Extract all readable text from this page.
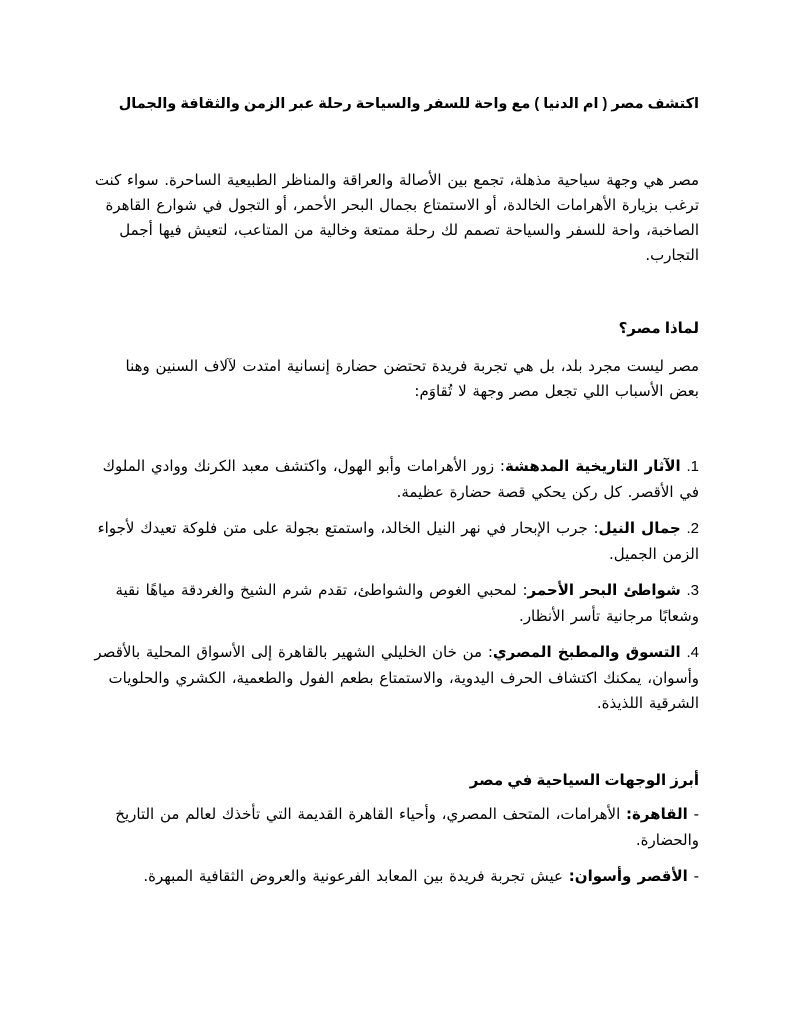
اكتشف مصر ( ام الدنيا ) مع واحة للسفر والسياحة رحلة عبر الزمن والثقافة والجمال
مصر هي وجهة سياحية مذهلة، تجمع بين الأصالة والعراقة والمناظر الطبيعية الساحرة. سواء كنت ترغب بزيارة الأهرامات الخالدة، أو الاستمتاع بجمال البحر الأحمر، أو التجول في شوارع القاهرة الصاخبة، واحة للسفر والسياحة تصمم لك رحلة ممتعة وخالية من المتاعب، لتعيش فيها أجمل التجارب.
لماذا مصر؟
مصر ليست مجرد بلد، بل هي تجربة فريدة تحتضن حضارة إنسانية امتدت لآلاف السنين وهنا بعض الأسباب اللي تجعل مصر وجهة لا تُقاوَم:
1. الآثار التاريخية المدهشة: زور الأهرامات وأبو الهول، واكتشف معبد الكرنك ووادي الملوك في الأقصر. كل ركن يحكي قصة حضارة عظيمة.
2. جمال النيل: جرب الإبحار في نهر النيل الخالد، واستمتع بجولة على متن فلوكة تعيدك لأجواء الزمن الجميل.
3. شواطئ البحر الأحمر: لمحبي الغوص والشواطئ، تقدم شرم الشيخ والغردقة مياهًا نقية وشعابًا مرجانية تأسر الأنظار.
4. التسوق والمطبخ المصري: من خان الخليلي الشهير بالقاهرة إلى الأسواق المحلية بالأقصر وأسوان، يمكنك اكتشاف الحرف اليدوية، والاستمتاع بطعم الفول والطعمية، الكشري والحلويات الشرقية اللذيذة.
أبرز الوجهات السياحية في مصر
- القاهرة: الأهرامات، المتحف المصري، وأحياء القاهرة القديمة التي تأخذك لعالم من التاريخ والحضارة.
- الأقصر وأسوان: عيش تجربة فريدة بين المعابد الفرعونية والعروض الثقافية المبهرة.
